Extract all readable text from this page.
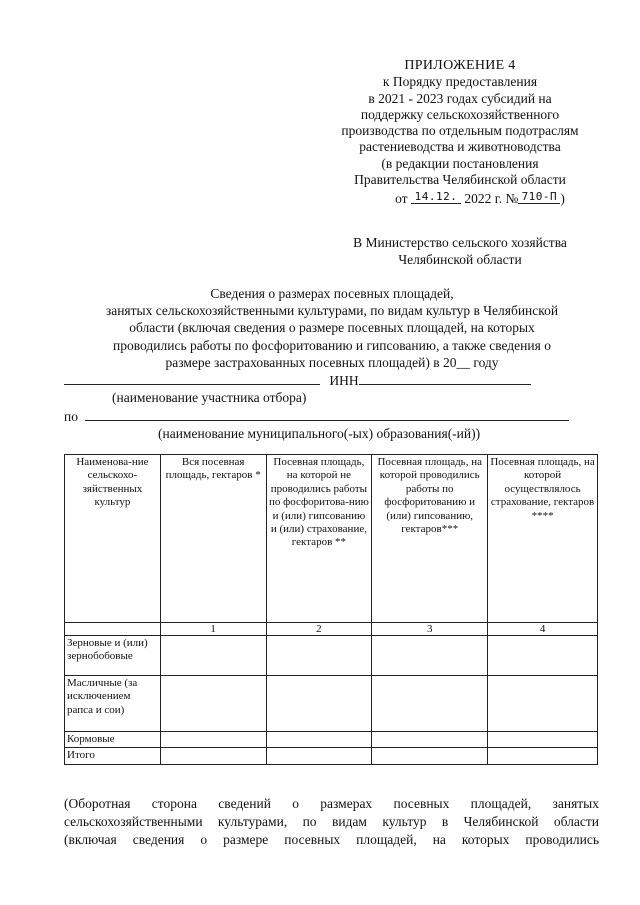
ПРИЛОЖЕНИЕ 4
к Порядку предоставления
в 2021 - 2023 годах субсидий на
поддержку сельскохозяйственного
производства по отдельным подотраслям
растениеводства и животноводства
(в редакции постановления
Правительства Челябинской области
от 14.12. 2022 г. № 710-П )
В Министерство сельского хозяйства
Челябинской области
Сведения о размерах посевных площадей,
занятых сельскохозяйственными культурами, по видам культур в Челябинской
области (включая сведения о размере посевных площадей, на которых
проводились работы по фосфоритованию и гипсованию, а также сведения о
размере застрахованных посевных площадей) в 20__ году
ИНН
(наименование участника отбора)
по
(наименование муниципального(-ых) образования(-ий))
Наименова-ние сельскохо-зяйственных культур	Вся посевная площадь, гектаров *	Посевная площадь, на которой не проводились работы по фосфоритова-нию и (или) гипсованию и (или) страхование, гектаров **	Посевная площадь, на которой проводились работы по фосфоритованию и (или) гипсованию, гектаров***	Посевная площадь, на которой осуществлялось страхование, гектаров ****
	1	2	3	4
Зерновые и (или) зернобобовые				
Масличные (за исключением рапса и сои)				
Кормовые				
Итого				
(Оборотная сторона сведений о размерах посевных площадей, занятых
сельскохозяйственными культурами, по видам культур в Челябинской области
(включая сведения о размере посевных площадей, на которых проводились
